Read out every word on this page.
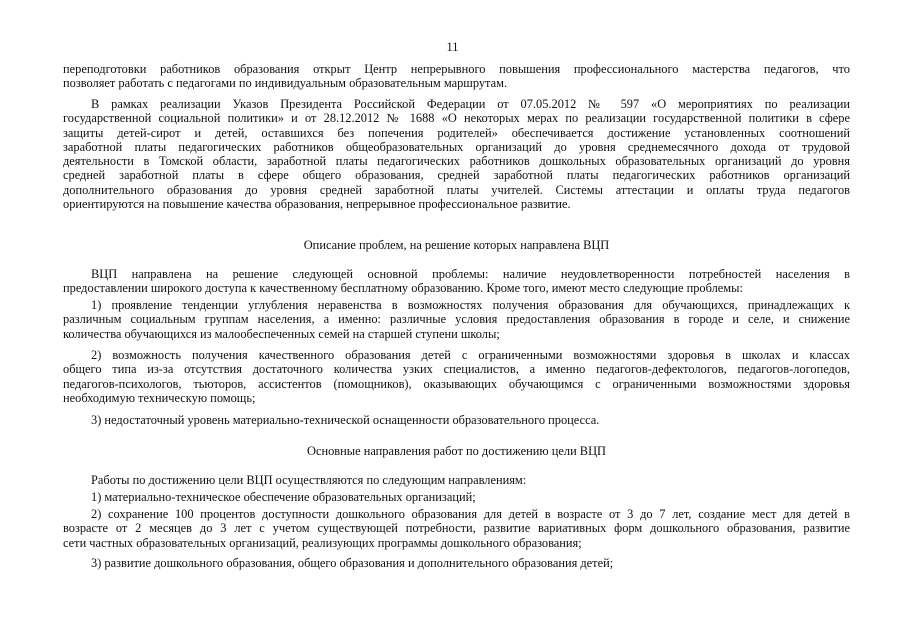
11
переподготовки работников образования открыт Центр непрерывного повышения профессионального мастерства педагогов, что
позволяет работать с педагогами по индивидуальным образовательным маршрутам.
В рамках реализации Указов Президента Российской Федерации от 07.05.2012 № 597 «О мероприятиях по реализации
государственной социальной политики» и от 28.12.2012 № 1688 «О некоторых мерах по реализации государственной политики в сфере
защиты детей-сирот и детей, оставшихся без попечения родителей» обеспечивается достижение установленных соотношений
заработной платы педагогических работников общеобразовательных организаций до уровня среднемесячного дохода от трудовой
деятельности в Томской области, заработной платы педагогических работников дошкольных образовательных организаций до уровня
средней заработной платы в сфере общего образования, средней заработной платы педагогических работников организаций
дополнительного образования до уровня средней заработной платы учителей. Системы аттестации и оплаты труда педагогов
ориентируются на повышение качества образования, непрерывное профессиональное развитие.
Описание проблем, на решение которых направлена ВЦП
ВЦП направлена на решение следующей основной проблемы: наличие неудовлетворенности потребностей населения в
предоставлении широкого доступа к качественному бесплатному образованию. Кроме того, имеют место следующие проблемы:
1) проявление тенденции углубления неравенства в возможностях получения образования для обучающихся, принадлежащих к
различным социальным группам населения, а именно: различные условия предоставления образования в городе и селе, и снижение
количества обучающихся из малообеспеченных семей на старшей ступени школы;
2) возможность получения качественного образования детей с ограниченными возможностями здоровья в школах и классах
общего типа из-за отсутствия достаточного количества узких специалистов, а именно педагогов-дефектологов, педагогов-логопедов,
педагогов-психологов, тьюторов, ассистентов (помощников), оказывающих обучающимся с ограниченными возможностями здоровья
необходимую техническую помощь;
3) недостаточный уровень материально-технической оснащенности образовательного процесса.
Основные направления работ по достижению цели ВЦП
Работы по достижению цели ВЦП осуществляются по следующим направлениям:
1) материально-техническое обеспечение образовательных организаций;
2) сохранение 100 процентов доступности дошкольного образования для детей в возрасте от 3 до 7 лет, создание мест для детей в
возрасте от 2 месяцев до 3 лет с учетом существующей потребности, развитие вариативных форм дошкольного образования, развитие
сети частных образовательных организаций, реализующих программы дошкольного образования;
3) развитие дошкольного образования, общего образования и дополнительного образования детей;
